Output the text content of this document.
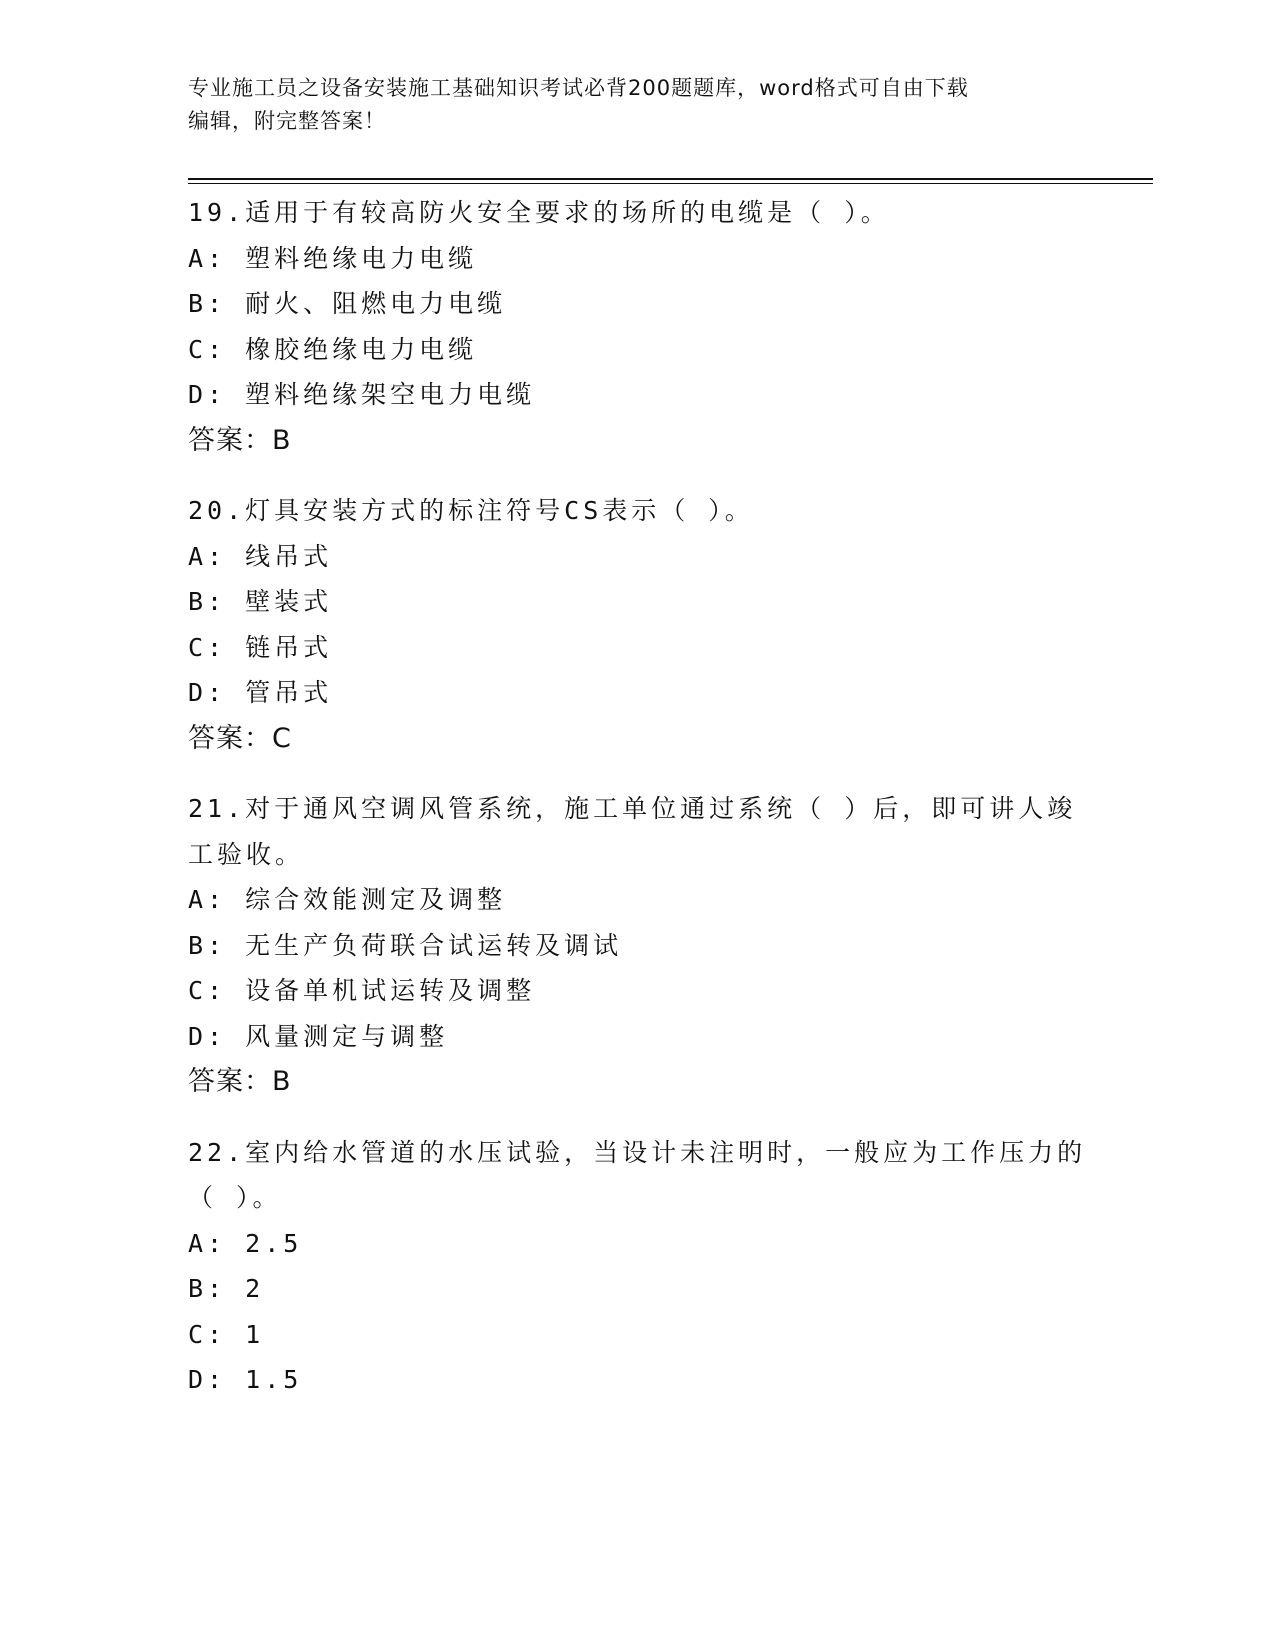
专业施工员之设备安装施工基础知识考试必背200题题库，word格式可自由下载
编辑，附完整答案！
19.适用于有较高防火安全要求的场所的电缆是（ ）。
A: 塑料绝缘电力电缆
B: 耐火、阻燃电力电缆
C: 橡胶绝缘电力电缆
D: 塑料绝缘架空电力电缆
答案：B
20.灯具安装方式的标注符号CS表示（ ）。
A: 线吊式
B: 壁装式
C: 链吊式
D: 管吊式
答案：C
21.对于通风空调风管系统，施工单位通过系统（ ）后，即可讲人竣工验收。
A: 综合效能测定及调整
B: 无生产负荷联合试运转及调试
C: 设备单机试运转及调整
D: 风量测定与调整
答案：B
22.室内给水管道的水压试验，当设计未注明时，一般应为工作压力的（ ）。
A: 2.5
B: 2
C: 1
D: 1.5
